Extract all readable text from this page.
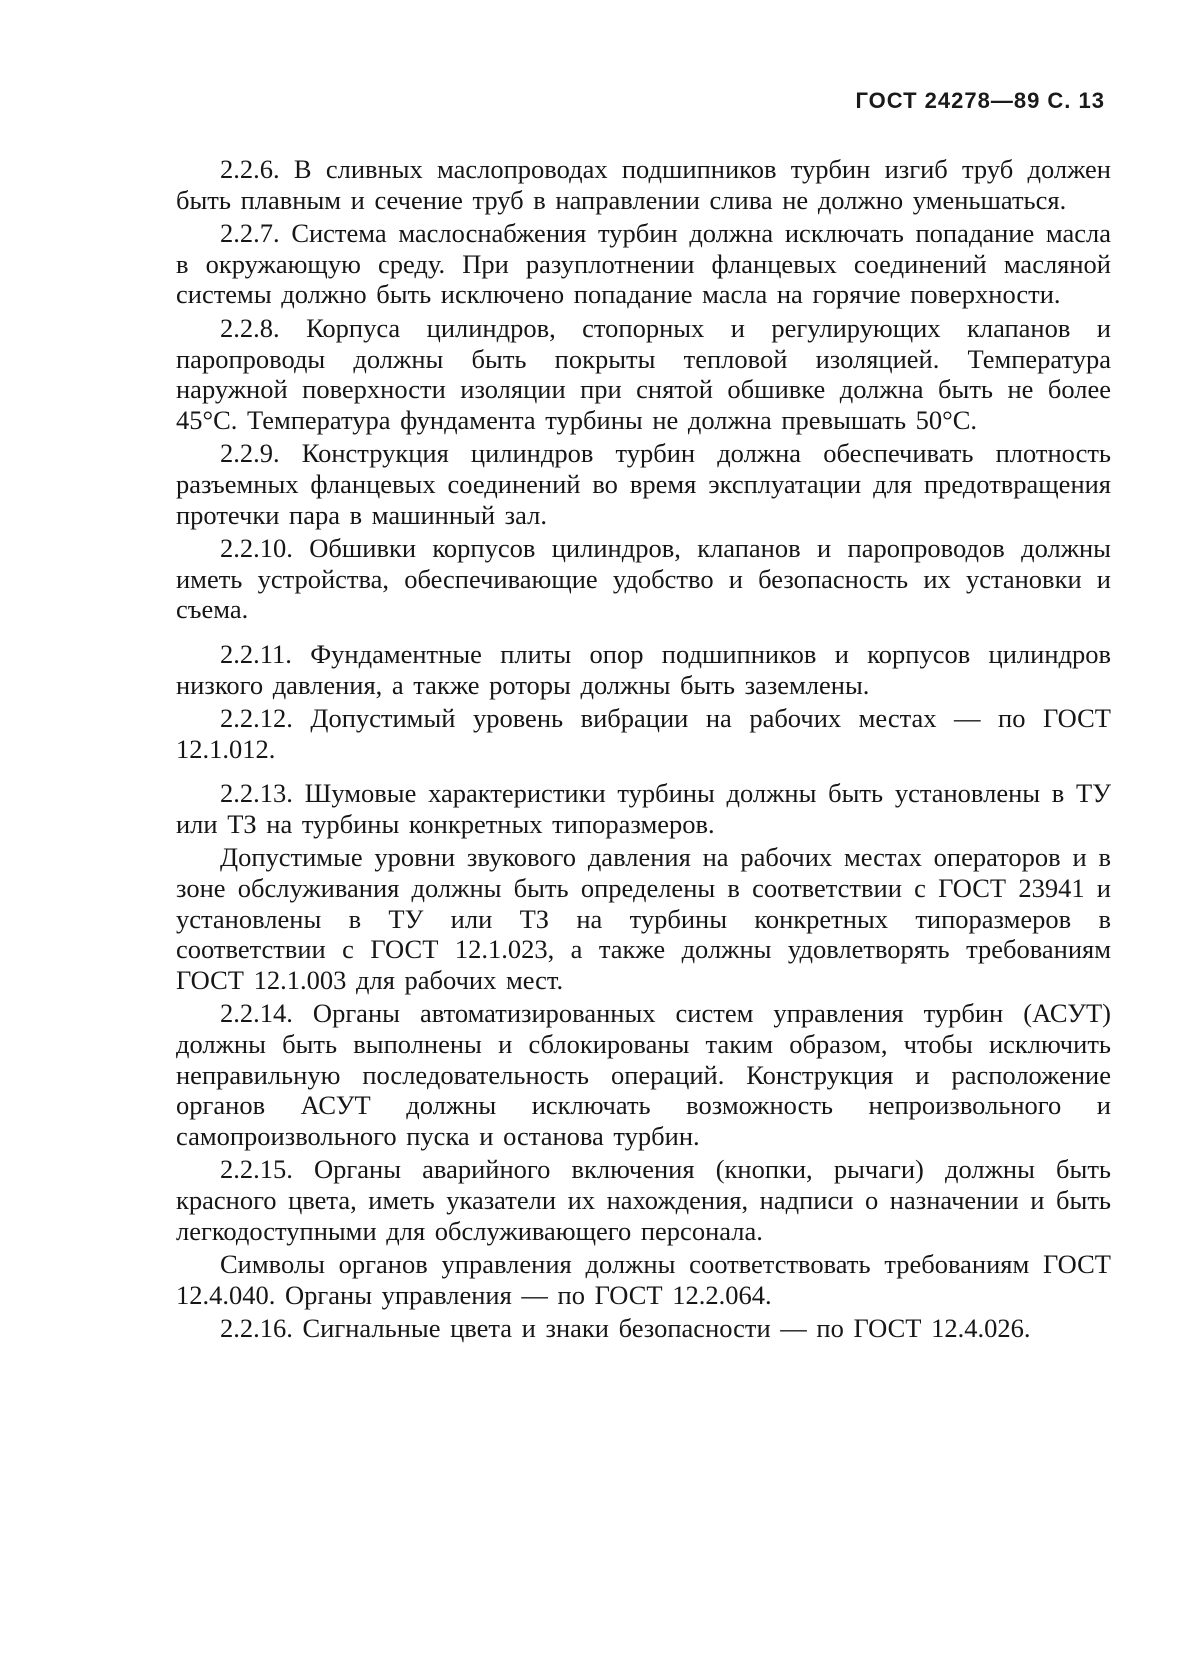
ГОСТ 24278—89 С. 13

2.2.6. В сливных маслопроводах подшипников турбин изгиб труб должен быть плавным и сечение труб в направлении слива не должно уменьшаться.

2.2.7. Система маслоснабжения турбин должна исключать попадание масла в окружающую среду. При разуплотнении фланцевых соединений масляной системы должно быть исключено попадание масла на горячие поверхности.

2.2.8. Корпуса цилиндров, стопорных и регулирующих клапанов и паропроводы должны быть покрыты тепловой изоляцией. Температура наружной поверхности изоляции при снятой обшивке должна быть не более 45°С. Температура фундамента турбины не должна превышать 50°С.

2.2.9. Конструкция цилиндров турбин должна обеспечивать плотность разъемных фланцевых соединений во время эксплуатации для предотвращения протечки пара в машинный зал.

2.2.10. Обшивки корпусов цилиндров, клапанов и паропроводов должны иметь устройства, обеспечивающие удобство и безопасность их установки и съема.

2.2.11. Фундаментные плиты опор подшипников и корпусов цилиндров низкого давления, а также роторы должны быть заземлены.

2.2.12. Допустимый уровень вибрации на рабочих местах — по ГОСТ 12.1.012.

2.2.13. Шумовые характеристики турбины должны быть установлены в ТУ или ТЗ на турбины конкретных типоразмеров.

Допустимые уровни звукового давления на рабочих местах операторов и в зоне обслуживания должны быть определены в соответствии с ГОСТ 23941 и установлены в ТУ или ТЗ на турбины конкретных типоразмеров в соответствии с ГОСТ 12.1.023, а также должны удовлетворять требованиям ГОСТ 12.1.003 для рабочих мест.

2.2.14. Органы автоматизированных систем управления турбин (АСУТ) должны быть выполнены и сблокированы таким образом, чтобы исключить неправильную последовательность операций. Конструкция и расположение органов АСУТ должны исключать возможность непроизвольного и самопроизвольного пуска и останова турбин.

2.2.15. Органы аварийного включения (кнопки, рычаги) должны быть красного цвета, иметь указатели их нахождения, надписи о назначении и быть легкодоступными для обслуживающего персонала.

Символы органов управления должны соответствовать требованиям ГОСТ 12.4.040. Органы управления — по ГОСТ 12.2.064.

2.2.16. Сигнальные цвета и знаки безопасности — по ГОСТ 12.4.026.
